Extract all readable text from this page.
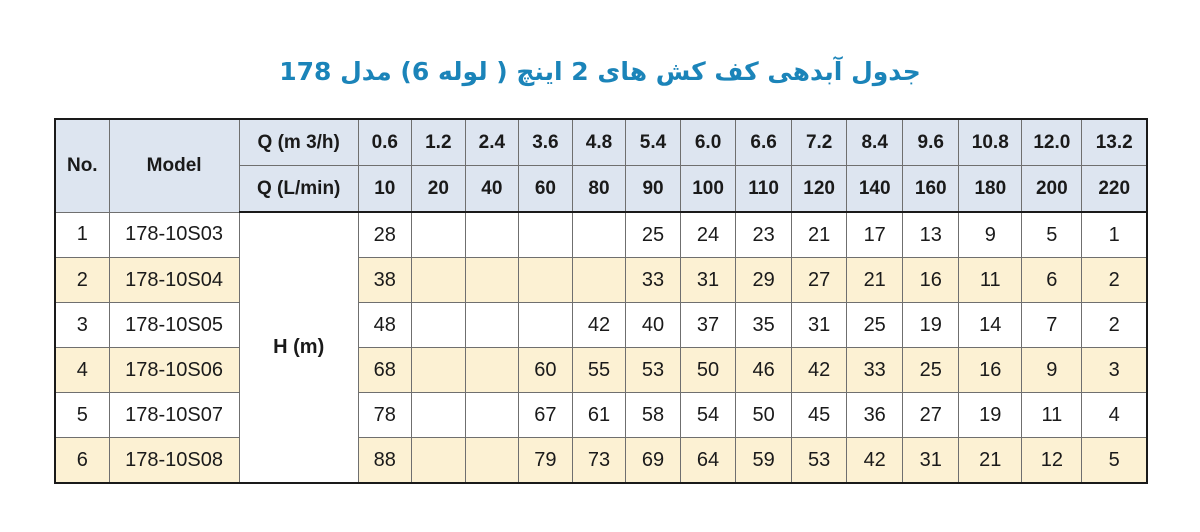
جدول آبدهی کف کش های 2 اینچ ( لوله 6) مدل 178
No.	Model	Q (m 3/h)	0.6	1.2	2.4	3.6	4.8	5.4	6.0	6.6	7.2	8.4	9.6	10.8	12.0	13.2
		Q (L/min)	10	20	40	60	80	90	100	110	120	140	160	180	200	220
1	178-10S03	H (m)	28					25	24	23	21	17	13	9	5	1
2	178-10S04		38					33	31	29	27	21	16	11	6	2
3	178-10S05		48				42	40	37	35	31	25	19	14	7	2
4	178-10S06		68			60	55	53	50	46	42	33	25	16	9	3
5	178-10S07		78			67	61	58	54	50	45	36	27	19	11	4
6	178-10S08		88			79	73	69	64	59	53	42	31	21	12	5
